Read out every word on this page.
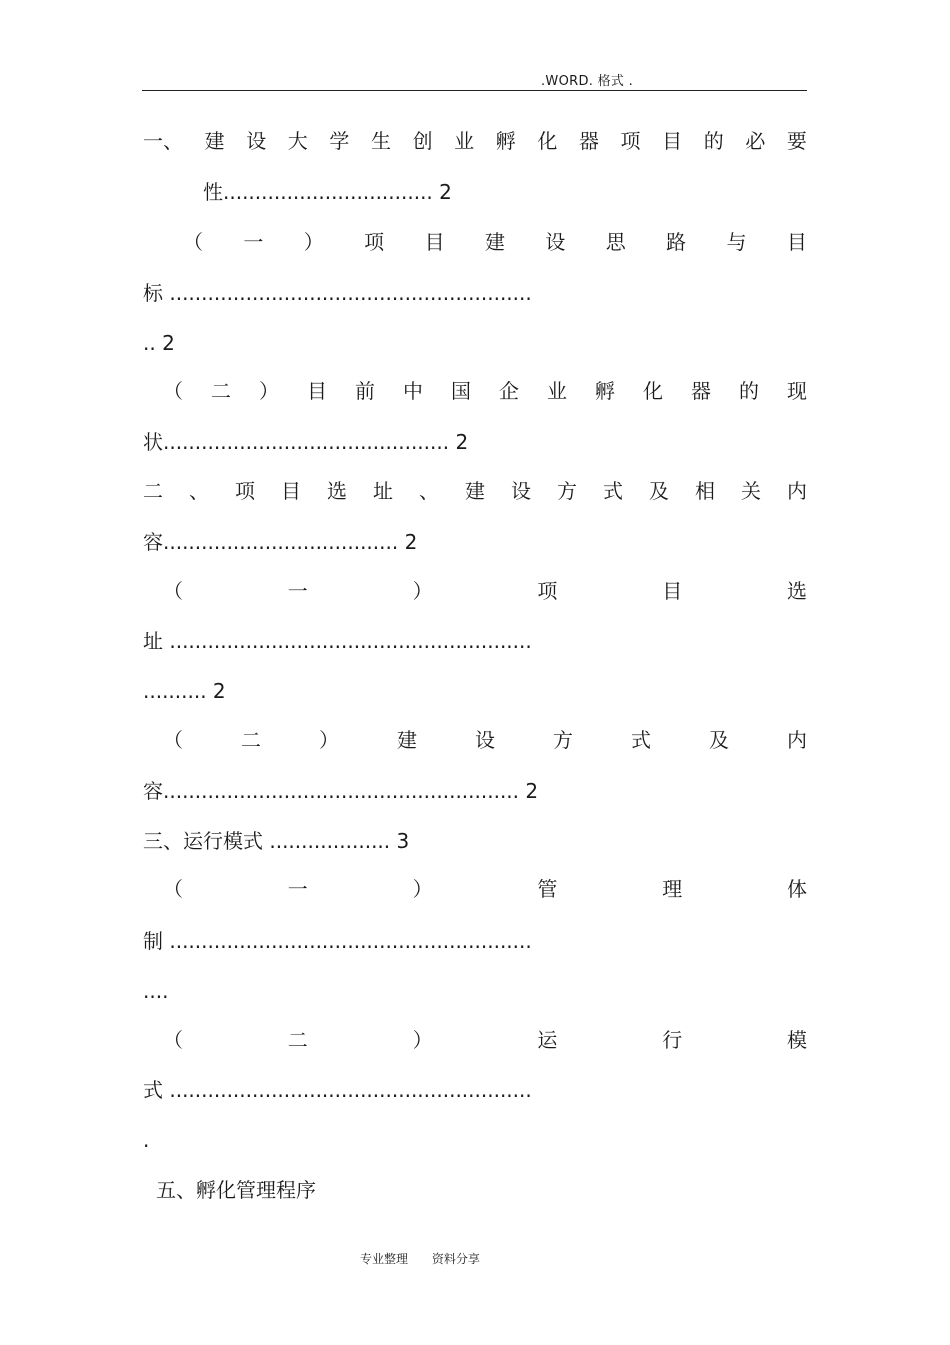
.WORD. 格式 .
一、 建 设 大 学 生 创 业 孵 化 器 项 目 的 必 要
性................................. 2
（ 一 ） 项 目 建 设 思 路 与 目
标 .........................................................
.. 2
（ 二 ） 目 前 中 国 企 业 孵 化 器 的 现
状............................................. 2
二 、 项 目 选 址 、 建 设 方 式 及 相 关 内
容..................................... 2
（	一	）	项	目	选
址 .........................................................
.......... 2
（	二	）	建	设	方	式	及	内
容........................................................ 2
三、运行模式 ................... 3
（	一	）	管	理	体
制 .........................................................
....
（	二	）	运	行	模
式 .........................................................
.
五、孵化管理程序
专业整理 资料分享
